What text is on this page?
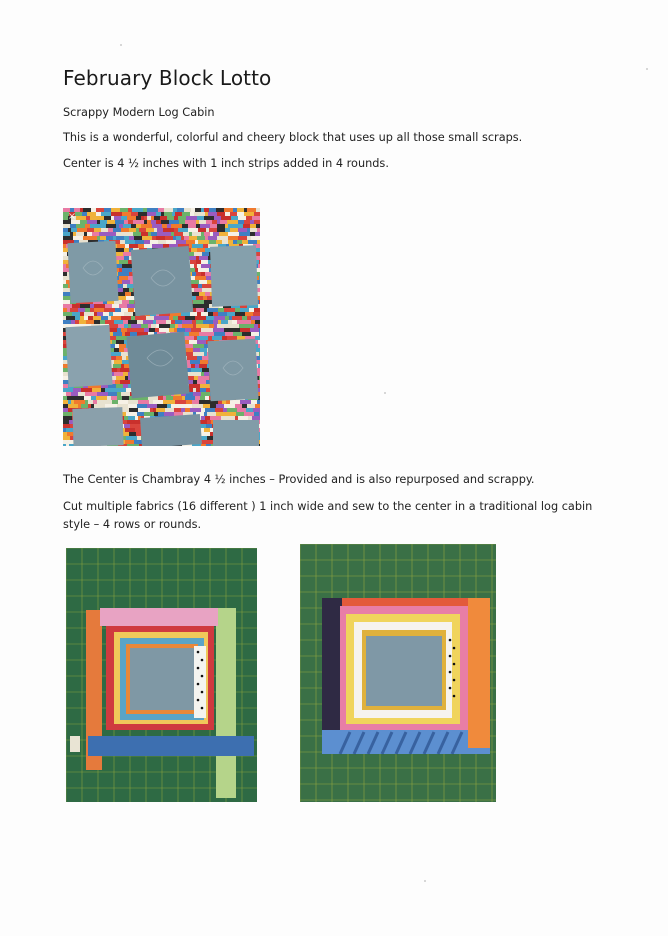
February Block Lotto

Scrappy Modern Log Cabin

This is a wonderful, colorful and cheery block that uses up all those small scraps.

Center is 4 ½ inches with 1 inch strips added in 4 rounds.

×

The Center is Chambray 4 ½ inches – Provided and is also repurposed and scrappy.

Cut multiple fabrics (16 different ) 1 inch wide and sew to the center in a traditional log cabin style – 4 rows or rounds.
